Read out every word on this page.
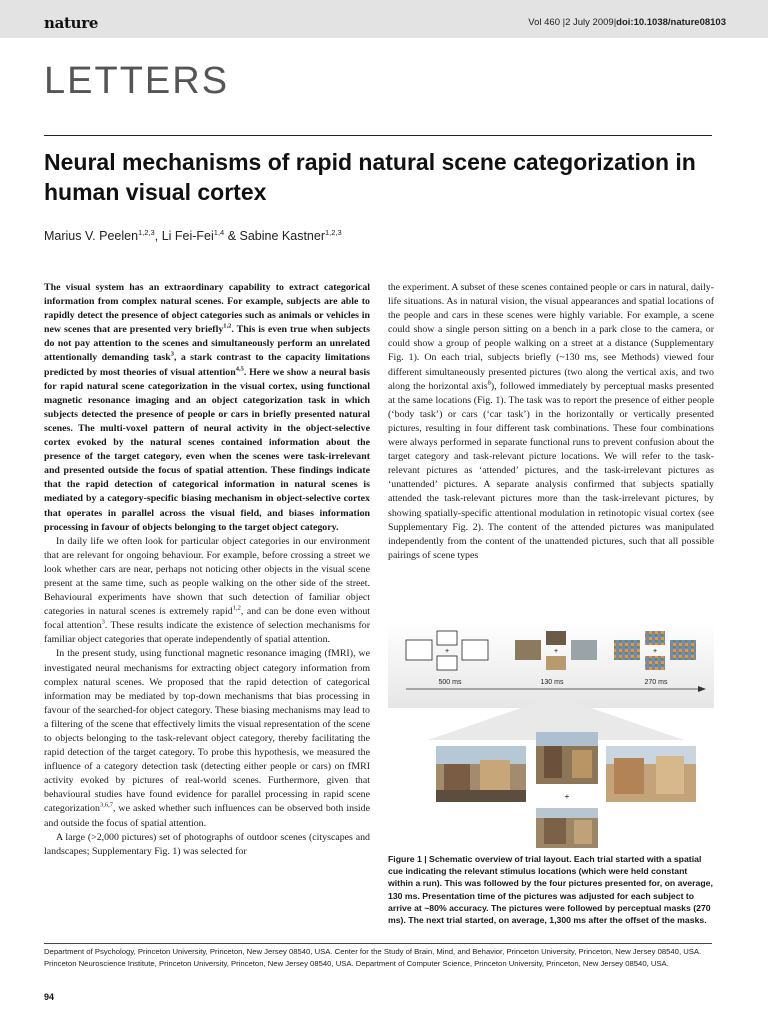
nature	Vol 460 |2 July 2009|doi:10.1038/nature08103
LETTERS
Neural mechanisms of rapid natural scene categorization in human visual cortex
Marius V. Peelen$^{1,2,3}$, Li Fei-Fei$^{1,4}$ & Sabine Kastner$^{1,2,3}$

The visual system has an extraordinary capability to extract categorical information from complex natural scenes. For example, subjects are able to rapidly detect the presence of object categories such as animals or vehicles in new scenes that are presented very briefly$^{1,2}$. This is even true when subjects do not pay attention to the scenes and simultaneously perform an unrelated attentionally demanding task$^3$, a stark contrast to the capacity limitations predicted by most theories of visual attention$^{4,5}$. Here we show a neural basis for rapid natural scene categorization in the visual cortex, using functional magnetic resonance imaging and an object categorization task in which subjects detected the presence of people or cars in briefly presented natural scenes. The multi-voxel pattern of neural activity in the object-selective cortex evoked by the natural scenes contained information about the presence of the target category, even when the scenes were task-irrelevant and presented outside the focus of spatial attention. These findings indicate that the rapid detection of categorical information in natural scenes is mediated by a category-specific biasing mechanism in object-selective cortex that operates in parallel across the visual field, and biases information processing in favour of objects belonging to the target object category.

In daily life we often look for particular object categories in our environment that are relevant for ongoing behaviour. For example, before crossing a street we look whether cars are near, perhaps not noticing other objects in the visual scene present at the same time, such as people walking on the other side of the street. Behavioural experiments have shown that such detection of familiar object categories in natural scenes is extremely rapid$^{1,2}$, and can be done even without focal attention$^3$. These results indicate the existence of selection mechanisms for familiar object categories that operate independently of spatial attention.

In the present study, using functional magnetic resonance imaging (fMRI), we investigated neural mechanisms for extracting object category information from complex natural scenes. We proposed that the rapid detection of categorical information may be mediated by top-down mechanisms that bias processing in favour of the searched-for object category. These biasing mechanisms may lead to a filtering of the scene that effectively limits the visual representation of the scene to objects belonging to the task-relevant object category, thereby facilitating the rapid detection of the target category. To probe this hypothesis, we measured the influence of a category detection task (detecting either people or cars) on fMRI activity evoked by pictures of real-world scenes. Furthermore, given that behavioural studies have found evidence for parallel processing in rapid scene categorization$^{3,6,7}$, we asked whether such influences can be observed both inside and outside the focus of spatial attention.

A large (>2,000 pictures) set of photographs of outdoor scenes (cityscapes and landscapes; Supplementary Fig. 1) was selected for

the experiment. A subset of these scenes contained people or cars in natural, daily-life situations. As in natural vision, the visual appearances and spatial locations of the people and cars in these scenes were highly variable. For example, a scene could show a single person sitting on a bench in a park close to the camera, or could show a group of people walking on a street at a distance (Supplementary Fig. 1). On each trial, subjects briefly (~130 ms, see Methods) viewed four different simultaneously presented pictures (two along the vertical axis, and two along the horizontal axis$^8$), followed immediately by perceptual masks presented at the same locations (Fig. 1). The task was to report the presence of either people (‘body task’) or cars (‘car task’) in the horizontally or vertically presented pictures, resulting in four different task combinations. These four combinations were always performed in separate functional runs to prevent confusion about the target category and task-relevant picture locations. We will refer to the task-relevant pictures as ‘attended’ pictures, and the task-irrelevant pictures as ‘unattended’ pictures. A separate analysis confirmed that subjects spatially attended the task-relevant pictures more than the task-irrelevant pictures, by showing spatially-specific attentional modulation in retinotopic visual cortex (see Supplementary Fig. 2). The content of the attended pictures was manipulated independently from the content of the unattended pictures, such that all possible pairings of scene types

+	+	+
500 ms	130 ms	270 ms
+
Figure 1 | Schematic overview of trial layout. Each trial started with a spatial cue indicating the relevant stimulus locations (which were held constant within a run). This was followed by the four pictures presented for, on average, 130 ms. Presentation time of the pictures was adjusted for each subject to arrive at ~80% accuracy. The pictures were followed by perceptual masks (270 ms). The next trial started, on average, 1,300 ms after the offset of the masks.
Department of Psychology, Princeton University, Princeton, New Jersey 08540, USA. Center for the Study of Brain, Mind, and Behavior, Princeton University, Princeton, New Jersey 08540, USA. Princeton Neuroscience Institute, Princeton University, Princeton, New Jersey 08540, USA. Department of Computer Science, Princeton University, Princeton, New Jersey 08540, USA.
94
